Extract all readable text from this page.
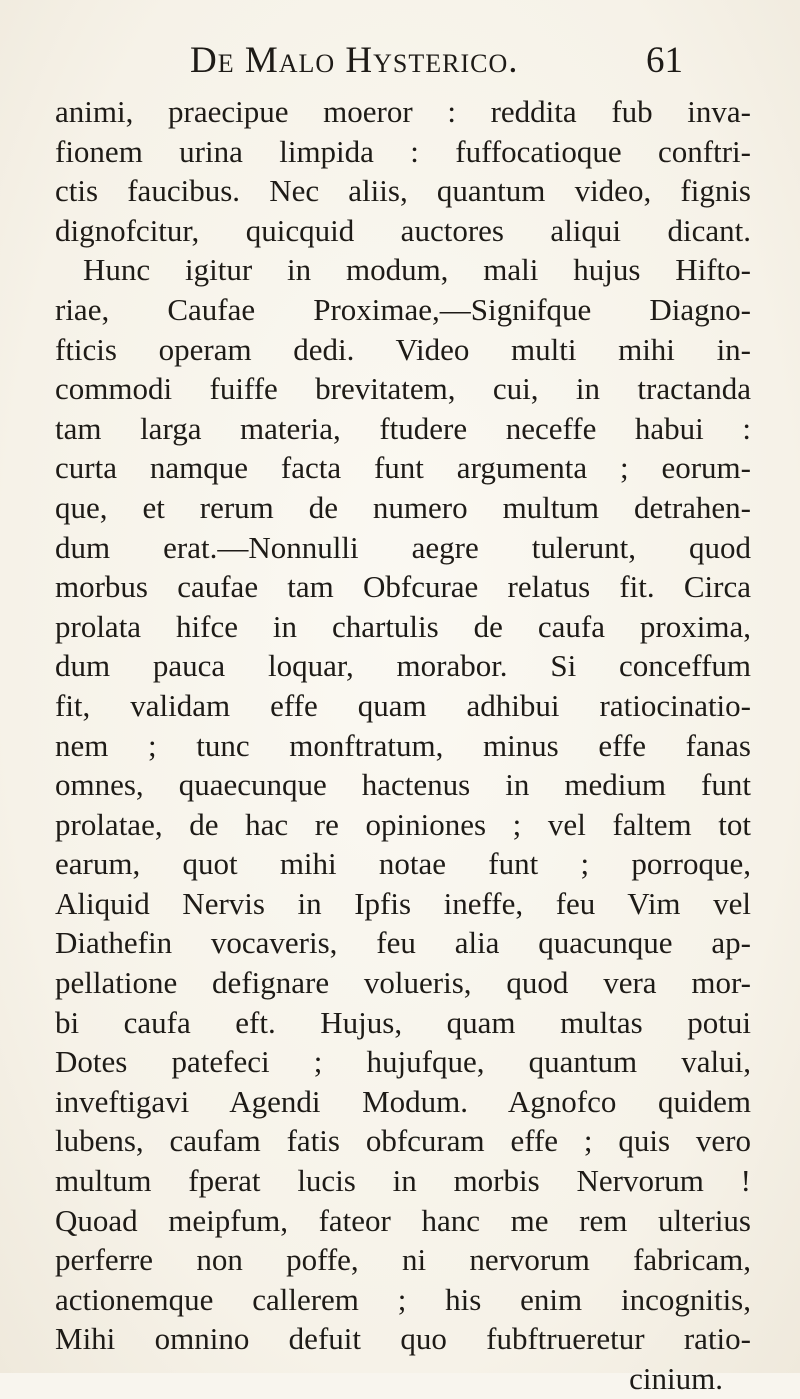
De Malo Hysterico.	61
animi, praecipue moeror : reddita fub inva-
fionem urina limpida : fuffocatioque conftri-
ctis faucibus. Nec aliis, quantum video, fignis
dignofcitur, quicquid auctores aliqui dicant.
Hunc igitur in modum, mali hujus Hifto-
riae, Caufae Proximae,—Signifque Diagno-
fticis operam dedi. Video multi mihi in-
commodi fuiffe brevitatem, cui, in tractanda
tam larga materia, ftudere neceffe habui :
curta namque facta funt argumenta ; eorum-
que, et rerum de numero multum detrahen-
dum erat.—Nonnulli aegre tulerunt, quod
morbus caufae tam Obfcurae relatus fit. Circa
prolata hifce in chartulis de caufa proxima,
dum pauca loquar, morabor. Si conceffum
fit, validam effe quam adhibui ratiocinatio-
nem ; tunc monftratum, minus effe fanas
omnes, quaecunque hactenus in medium funt
prolatae, de hac re opiniones ; vel faltem tot
earum, quot mihi notae funt ; porroque,
Aliquid Nervis in Ipfis ineffe, feu Vim vel
Diathefin vocaveris, feu alia quacunque ap-
pellatione defignare volueris, quod vera mor-
bi caufa eft. Hujus, quam multas potui
Dotes patefeci ; hujufque, quantum valui,
inveftigavi Agendi Modum. Agnofco quidem
lubens, caufam fatis obfcuram effe ; quis vero
multum fperat lucis in morbis Nervorum !
Quoad meipfum, fateor hanc me rem ulterius
perferre non poffe, ni nervorum fabricam,
actionemque callerem ; his enim incognitis,
Mihi omnino defuit quo fubftrueretur ratio-
cinium.
